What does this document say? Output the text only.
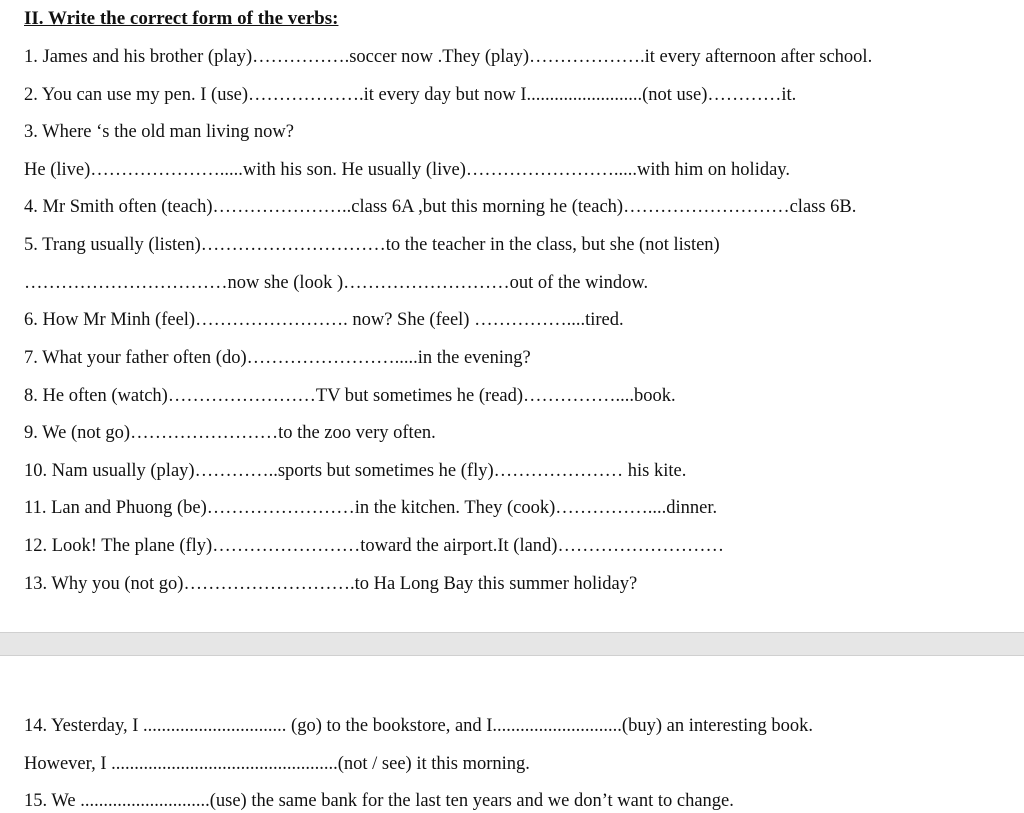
II. Write the correct form of the verbs:
1. James and his brother (play)…………….soccer now .They (play)……………….it every afternoon after school.
2. You can use my pen. I (use)……………….it every day but now I.........................(not use)…………it.
3. Where ‘s the old man living now?
He (live)………………….....with his son. He usually (live)…………………….....with him on holiday.
4. Mr Smith often (teach)…………………..class 6A ,but this morning he (teach)………………………class 6B.
5. Trang usually (listen)…………………………to the teacher in the class, but she (not listen)
……………………………now she (look )………………………out of the window.
6. How Mr Minh (feel)……………………. now? She (feel) ……………....tired.
7. What your father often (do)…………………….....in the evening?
8. He often (watch)……………………TV but sometimes he (read)……………....book.
9. We (not go)……………………to the zoo very often.
10. Nam usually (play)…………..sports but sometimes he (fly)………………… his kite.
11. Lan and Phuong (be)……………………in the kitchen. They (cook)……………....dinner.
12. Look! The plane (fly)……………………toward the airport.It (land)………………………
13. Why you (not go)……………………….to Ha Long Bay this summer holiday?
14. Yesterday, I ............................... (go) to the bookstore, and I............................(buy) an interesting book.
However, I .................................................(not / see) it this morning.
15. We ............................(use) the same bank for the last ten years and we don’t want to change.
